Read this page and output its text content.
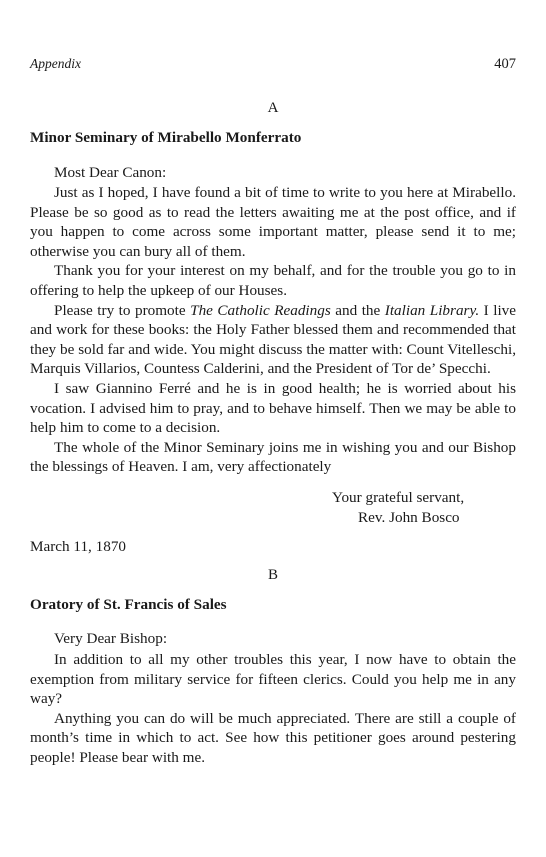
Appendix	407
A
Minor Seminary of Mirabello Monferrato
Most Dear Canon:

Just as I hoped, I have found a bit of time to write to you here at Mirabello. Please be so good as to read the letters awaiting me at the post office, and if you happen to come across some important matter, please send it to me; otherwise you can bury all of them.

Thank you for your interest on my behalf, and for the trouble you go to in offering to help the upkeep of our Houses.

Please try to promote The Catholic Readings and the Italian Library. I live and work for these books: the Holy Father blessed them and recommended that they be sold far and wide. You might discuss the matter with: Count Vitelleschi, Marquis Villarios, Countess Calderini, and the President of Tor de’ Specchi.

I saw Giannino Ferré and he is in good health; he is worried about his vocation. I advised him to pray, and to behave himself. Then we may be able to help him to come to a decision.

The whole of the Minor Seminary joins me in wishing you and our Bishop the blessings of Heaven. I am, very affectionately

Your grateful servant,
Rev. John Bosco
March 11, 1870
B
Oratory of St. Francis of Sales
Very Dear Bishop:

In addition to all my other troubles this year, I now have to obtain the exemption from military service for fifteen clerics. Could you help me in any way?

Anything you can do will be much appreciated. There are still a couple of month’s time in which to act. See how this petitioner goes around pestering people! Please bear with me.
